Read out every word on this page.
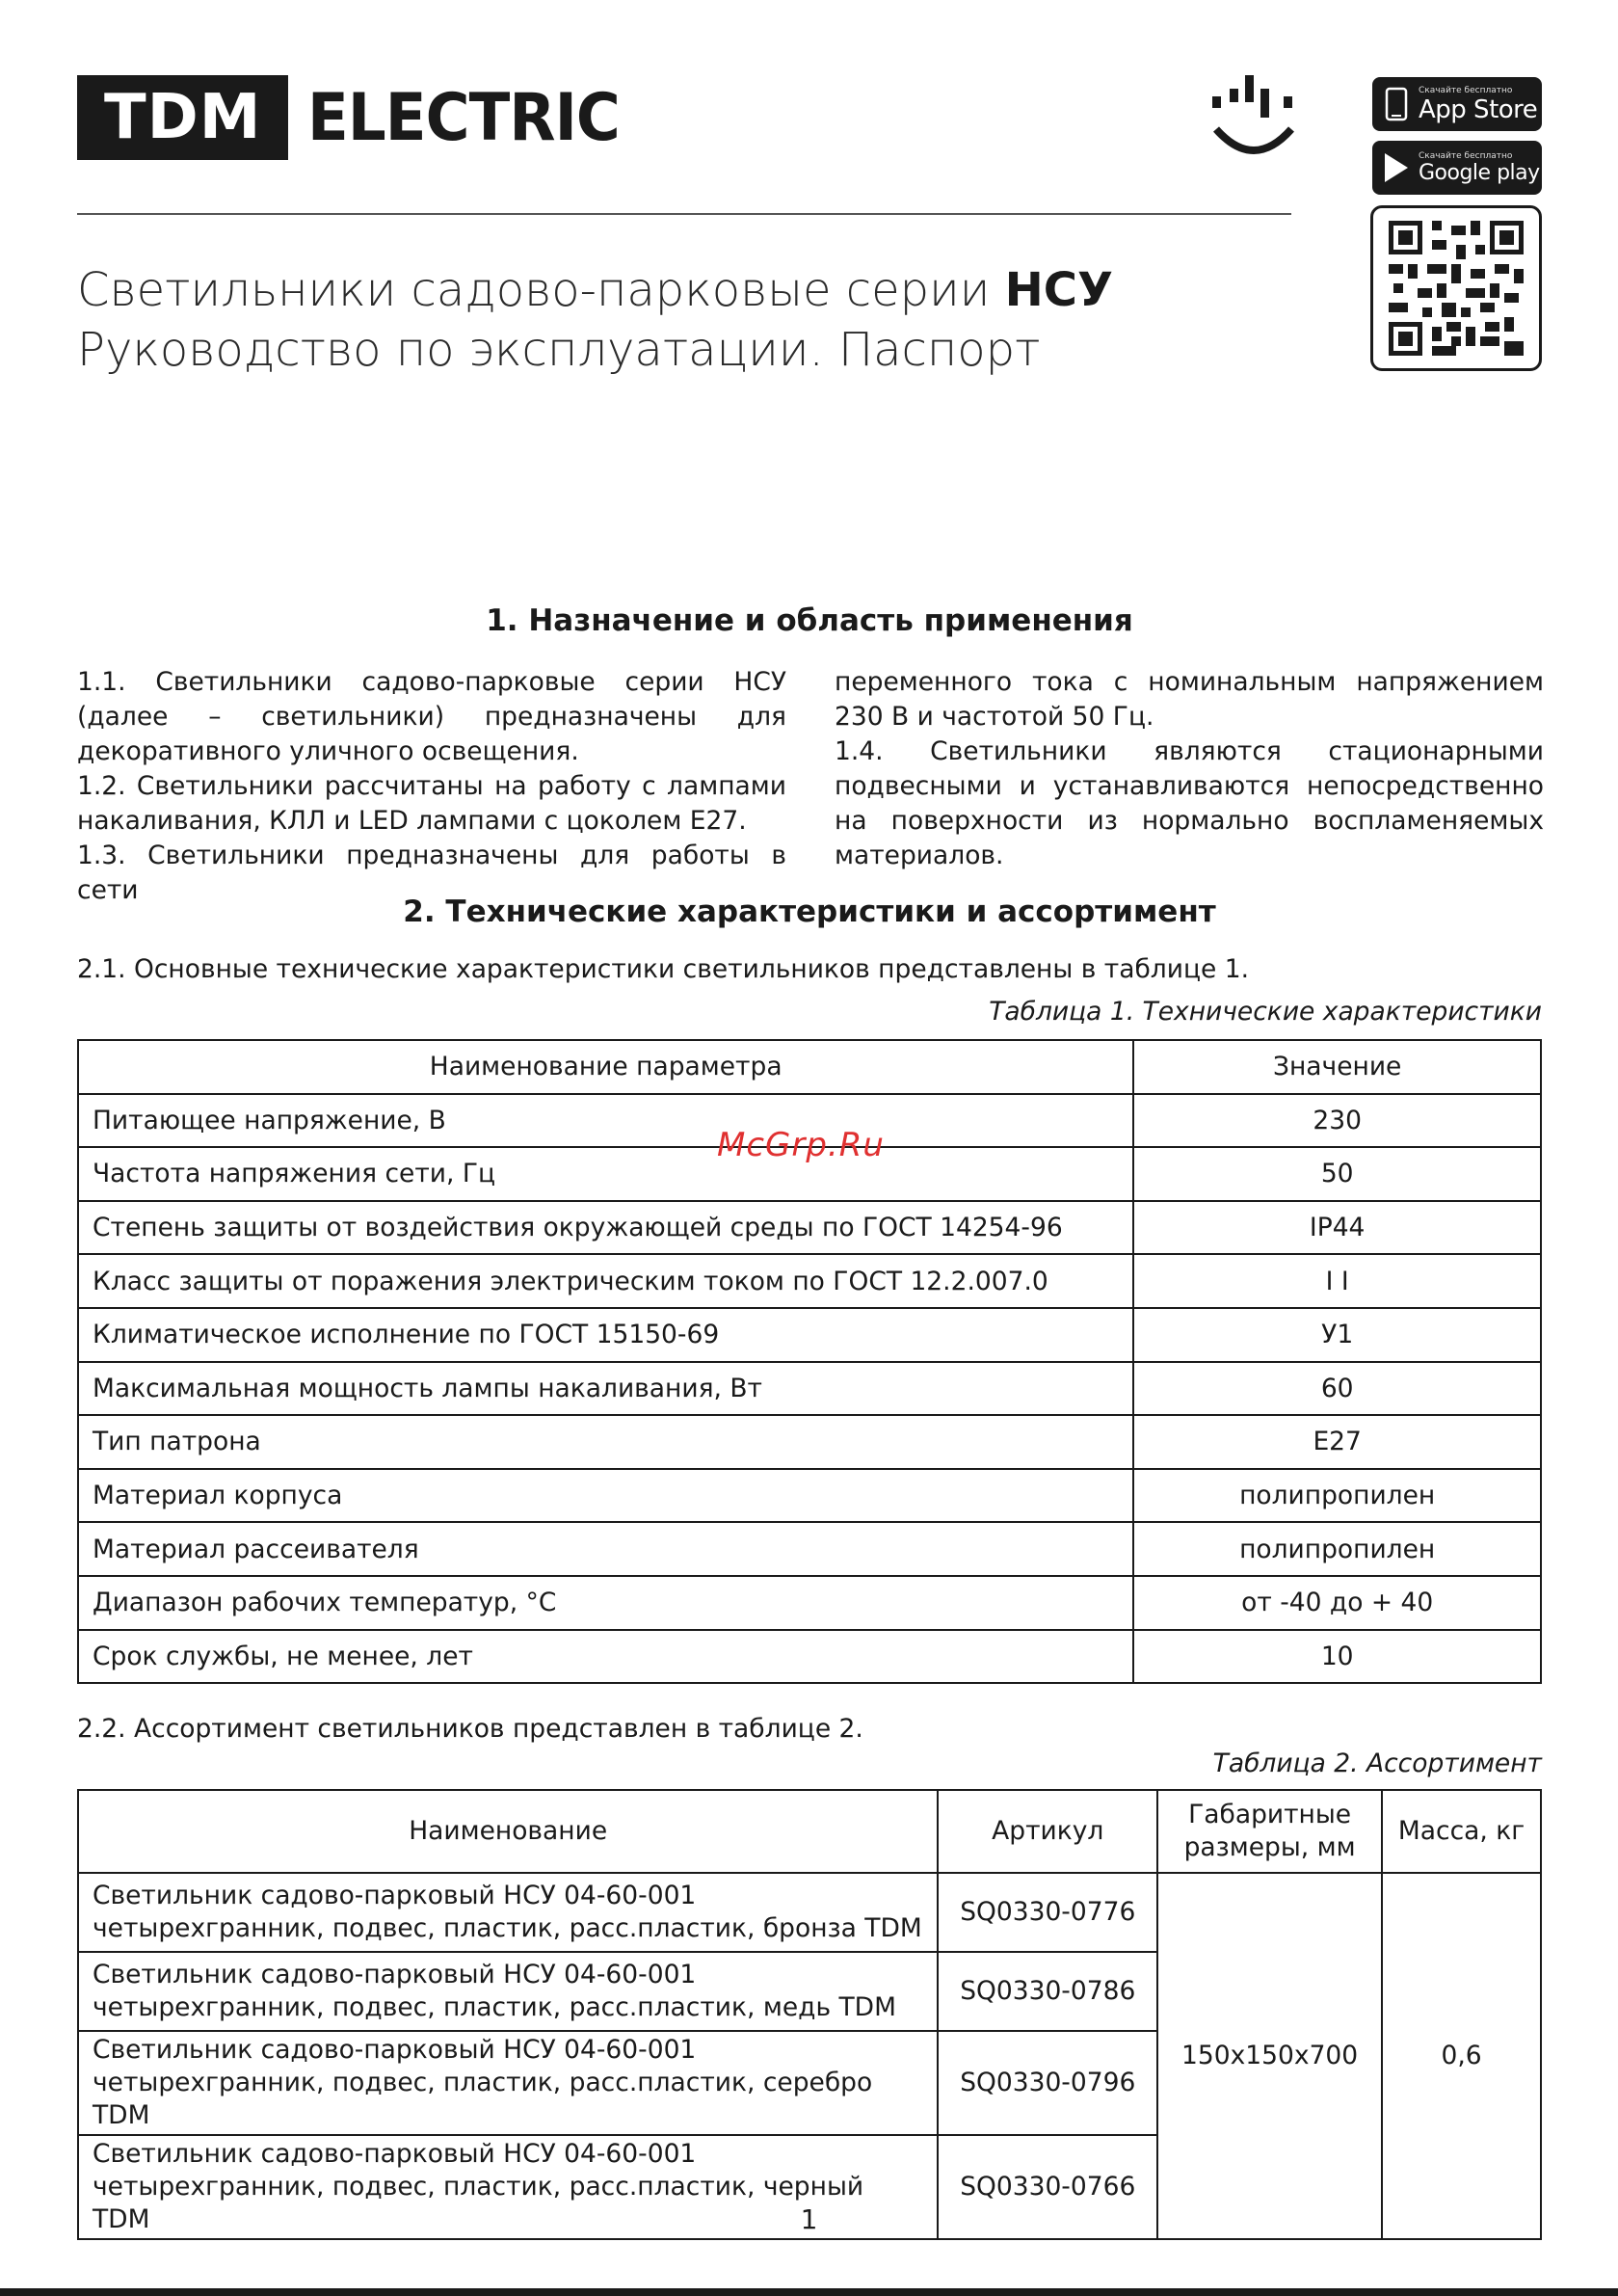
TDM ELECTRIC	Скачайте бесплатно
App Store
Скачайте бесплатно
Google play
Светильники садово-парковые серии НСУ
Руководство по эксплуатации. Паспорт
1. Назначение и область применения

1.1. Светильники садово-парковые серии НСУ (далее – светильники) предназначены для декоративного уличного освещения.

1.2. Светильники рассчитаны на работу с лампами накаливания, КЛЛ и LED лампами с цоколем Е27.

1.3. Светильники предназначены для работы в сети

переменного тока с номинальным напряжением 230 В и частотой 50 Гц.

1.4. Светильники являются стационарными подвесными и устанавливаются непосредственно на поверхности из нормально воспламеняемых материалов.

2. Технические характеристики и ассортимент
2.1. Основные технические характеристики светильников представлены в таблице 1.
Таблица 1. Технические характеристики
Наименование параметра	Значение
Питающее напряжение, В	230
Частота напряжения сети, Гц	50
Степень защиты от воздействия окружающей среды по ГОСТ 14254-96	IP44
Класс защиты от поражения электрическим током по ГОСТ 12.2.007.0	I I
Климатическое исполнение по ГОСТ 15150-69	У1
Максимальная мощность лампы накаливания, Вт	60
Тип патрона	Е27
Материал корпуса	полипропилен
Материал рассеивателя	полипропилен
Диапазон рабочих температур, °С	от -40 до + 40
Срок службы, не менее, лет	10
2.2. Ассортимент светильников представлен в таблице 2.
Таблица 2. Ассортимент
Наименование	Артикул	Габаритные размеры, мм	Масса, кг
Светильник садово-парковый НСУ 04-60-001 четырехгранник, подвес, пластик, расс.пластик, бронза TDM	SQ0330-0776	150х150х700	0,6
Светильник садово-парковый НСУ 04-60-001 четырехгранник, подвес, пластик, расс.пластик, медь TDM	SQ0330-0786		
Светильник садово-парковый НСУ 04-60-001 четырехгранник, подвес, пластик, расс.пластик, серебро TDM	SQ0330-0796		
Светильник садово-парковый НСУ 04-60-001 четырехгранник, подвес, пластик, расс.пластик, черный TDM	SQ0330-0766		
McGrp.Ru
1
